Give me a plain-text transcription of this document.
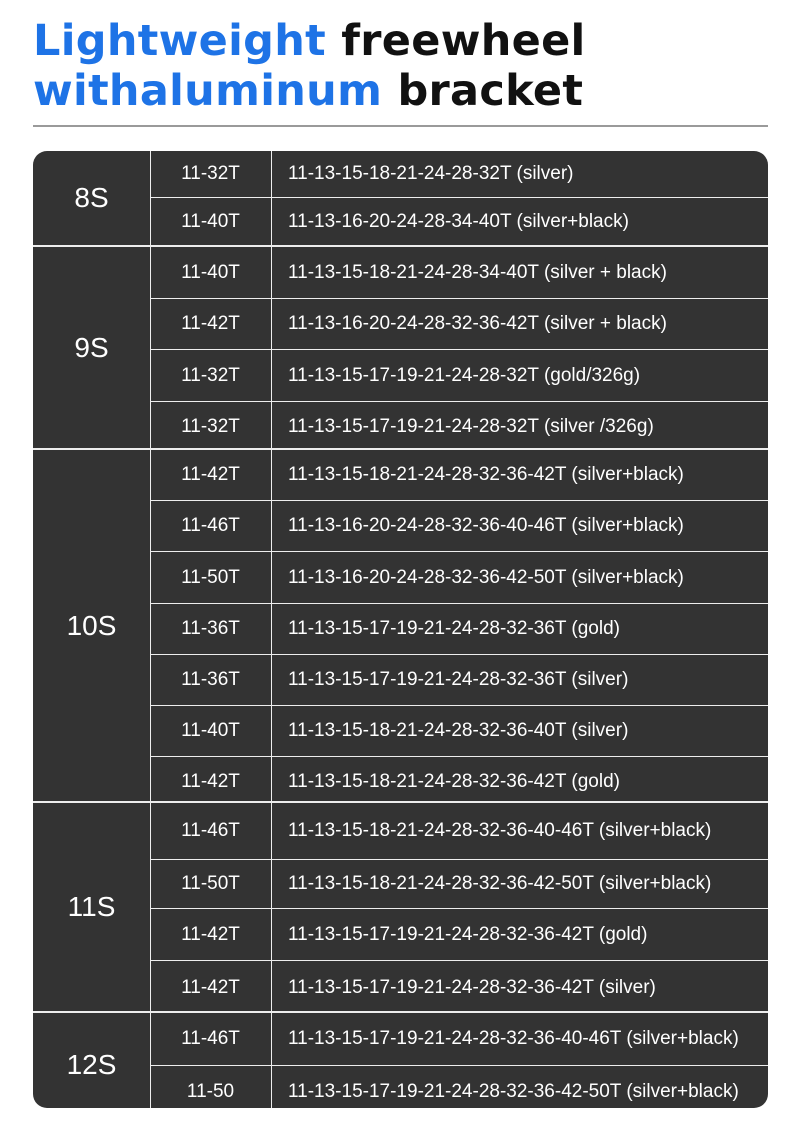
Lightweight freewheel
withaluminum bracket
8S
11-32T	11-13-15-18-21-24-28-32T (silver)
11-40T	11-13-16-20-24-28-34-40T (silver+black)
9S
11-40T	11-13-15-18-21-24-28-34-40T (silver + black)
11-42T	11-13-16-20-24-28-32-36-42T (silver + black)
11-32T	11-13-15-17-19-21-24-28-32T (gold/326g)
11-32T	11-13-15-17-19-21-24-28-32T (silver /326g)
10S
11-42T	11-13-15-18-21-24-28-32-36-42T (silver+black)
11-46T	11-13-16-20-24-28-32-36-40-46T (silver+black)
11-50T	11-13-16-20-24-28-32-36-42-50T (silver+black)
11-36T	11-13-15-17-19-21-24-28-32-36T (gold)
11-36T	11-13-15-17-19-21-24-28-32-36T (silver)
11-40T	11-13-15-18-21-24-28-32-36-40T (silver)
11-42T	11-13-15-18-21-24-28-32-36-42T (gold)
11S
11-46T	11-13-15-18-21-24-28-32-36-40-46T (silver+black)
11-50T	11-13-15-18-21-24-28-32-36-42-50T (silver+black)
11-42T	11-13-15-17-19-21-24-28-32-36-42T (gold)
11-42T	11-13-15-17-19-21-24-28-32-36-42T (silver)
12S
11-46T	11-13-15-17-19-21-24-28-32-36-40-46T (silver+black)
11-50	11-13-15-17-19-21-24-28-32-36-42-50T (silver+black)
